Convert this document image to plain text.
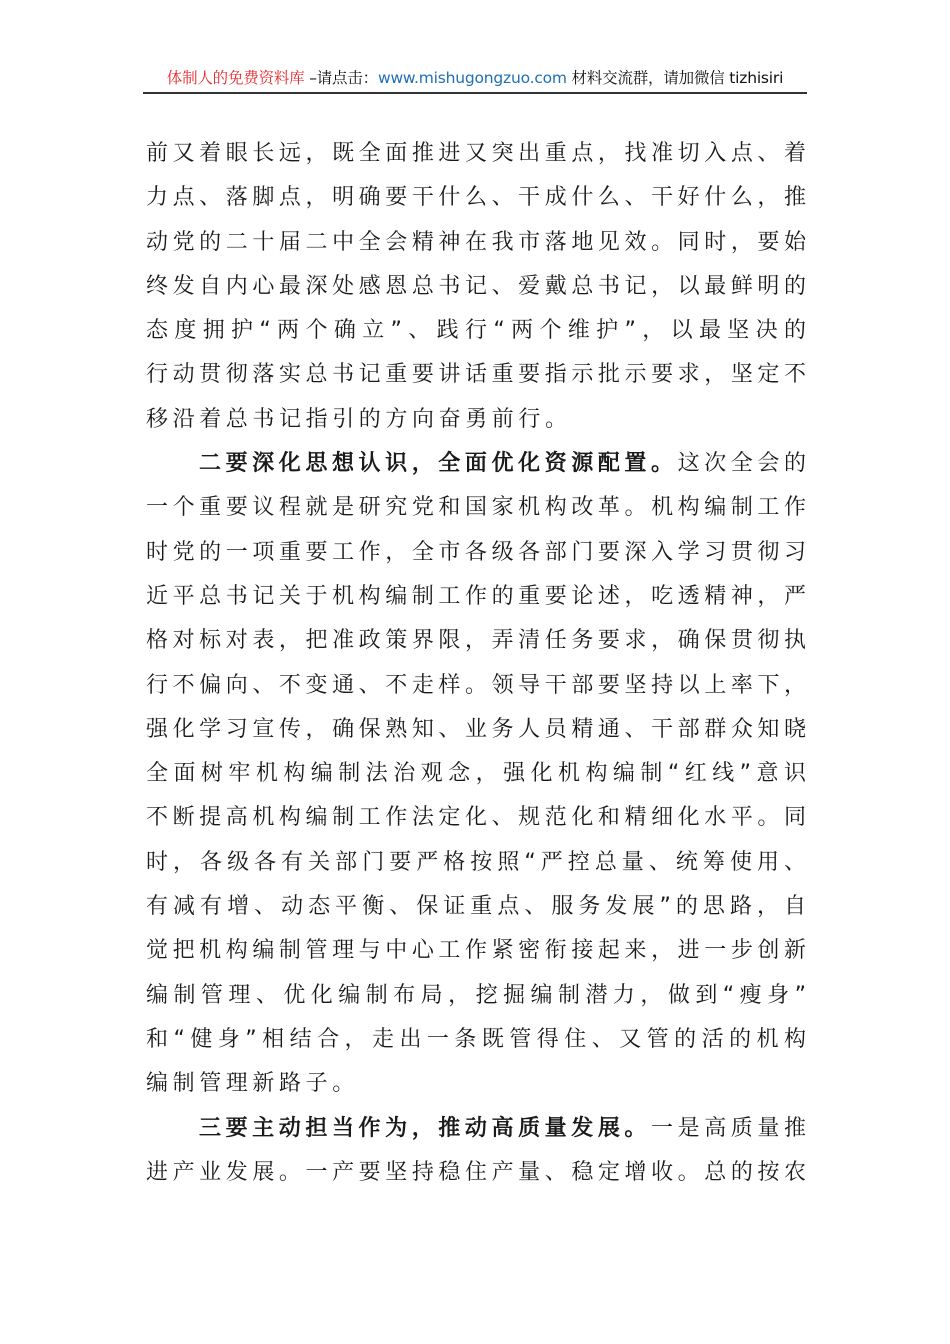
体制人的免费资料库 –请点击：www.mishugongzuo.com 材料交流群，请加微信 tizhisiri

前又着眼长远，既全面推进又突出重点，找准切入点、着
力点、落脚点，明确要干什么、干成什么、干好什么，推
动党的二十届二中全会精神在我市落地见效。同时，要始
终发自内心最深处感恩总书记、爱戴总书记，以最鲜明的
态度拥护“两个确立”、践行“两个维护”，以最坚决的
行动贯彻落实总书记重要讲话重要指示批示要求，坚定不
移沿着总书记指引的方向奋勇前行。

二要深化思想认识，全面优化资源配置。这次全会的
一个重要议程就是研究党和国家机构改革。机构编制工作
时党的一项重要工作，全市各级各部门要深入学习贯彻习
近平总书记关于机构编制工作的重要论述，吃透精神，严
格对标对表，把准政策界限，弄清任务要求，确保贯彻执
行不偏向、不变通、不走样。领导干部要坚持以上率下，
强化学习宣传，确保熟知、业务人员精通、干部群众知晓
全面树牢机构编制法治观念，强化机构编制“红线”意识
不断提高机构编制工作法定化、规范化和精细化水平。同
时，各级各有关部门要严格按照“严控总量、统筹使用、
有减有增、动态平衡、保证重点、服务发展”的思路，自
觉把机构编制管理与中心工作紧密衔接起来，进一步创新
编制管理、优化编制布局，挖掘编制潜力，做到“瘦身”
和“健身”相结合，走出一条既管得住、又管的活的机构
编制管理新路子。

三要主动担当作为，推动高质量发展。一是高质量推
进产业发展。一产要坚持稳住产量、稳定增收。总的按农
